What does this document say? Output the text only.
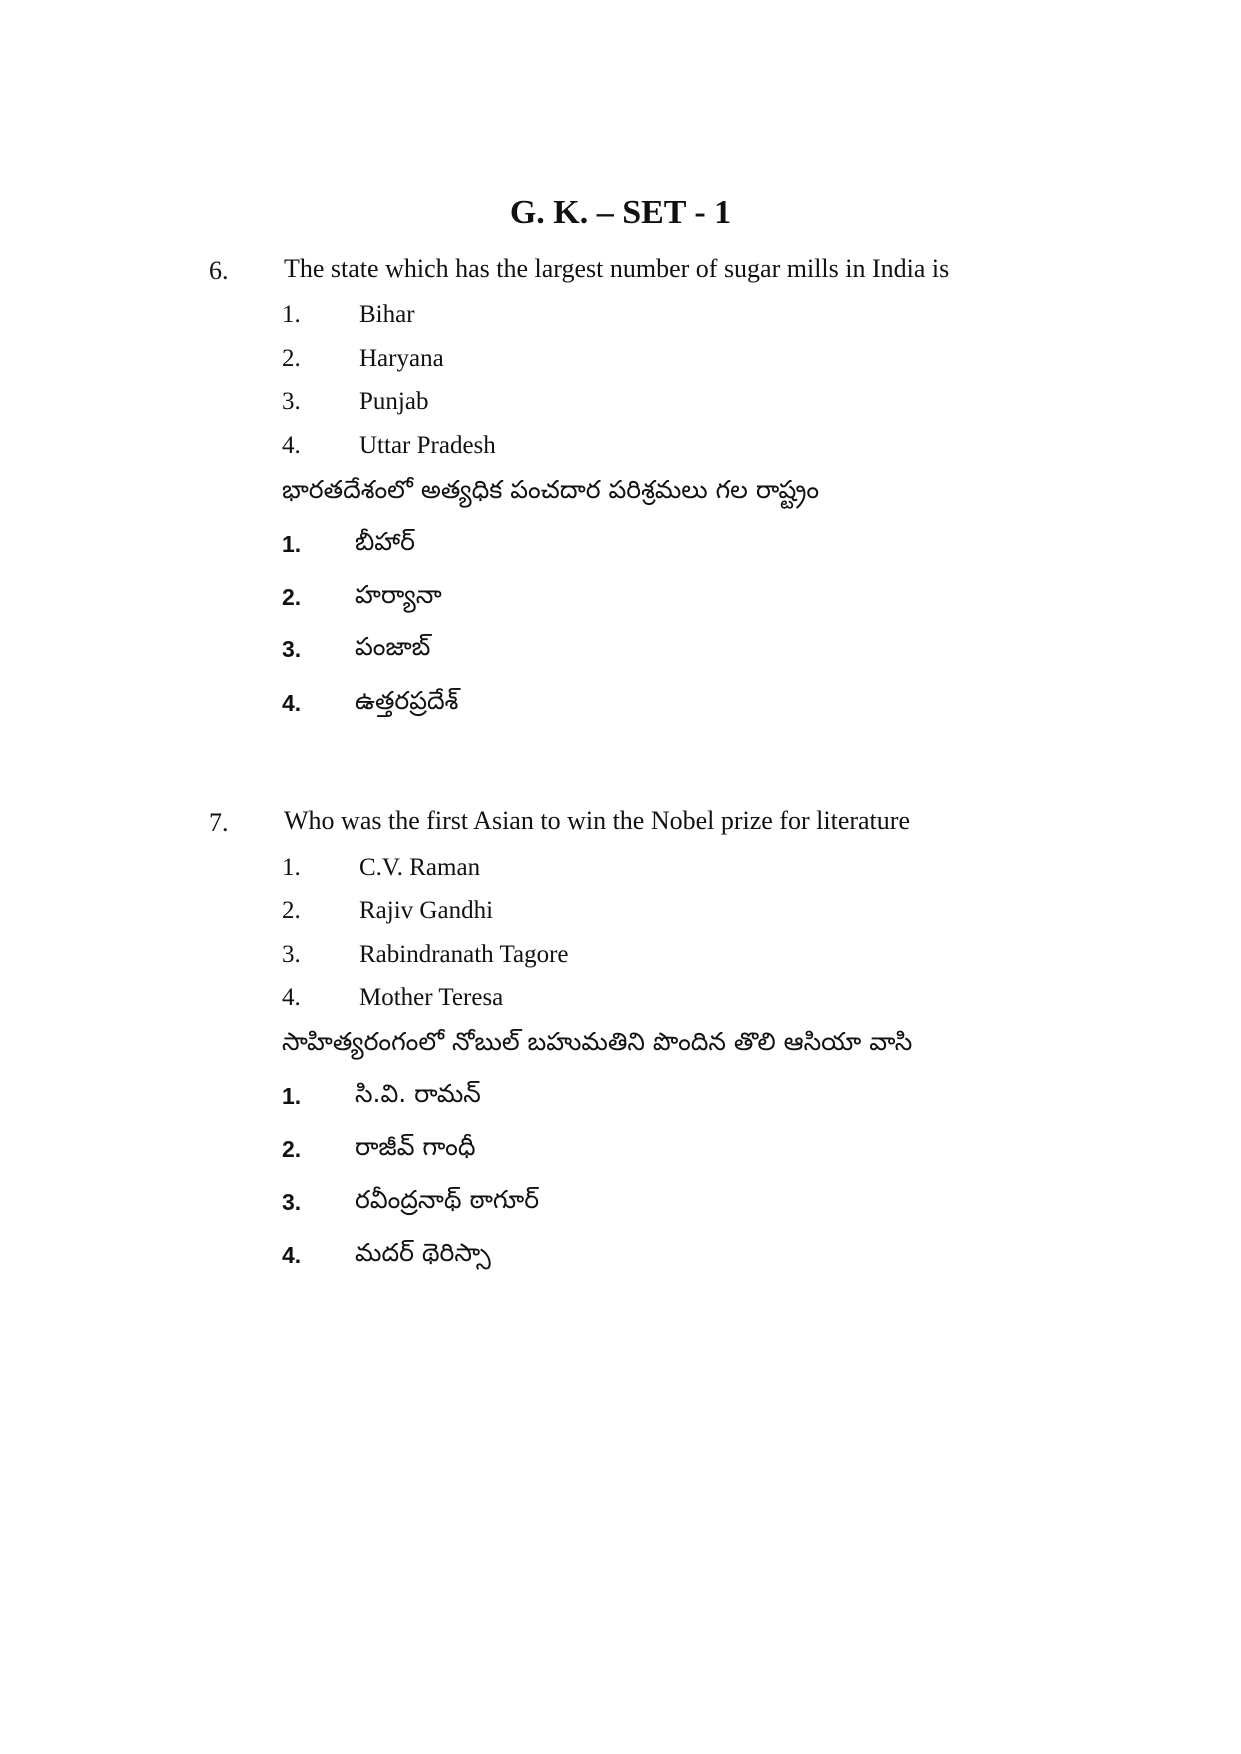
G. K. – SET - 1
6. The state which has the largest number of sugar mills in India is
1. Bihar
2. Haryana
3. Punjab
4. Uttar Pradesh
భారతదేశంలో అత్యధిక పంచదార పరిశ్రమలు గల రాష్ట్రం
1. బీహార్
2. హర్యానా
3. పంజాబ్
4. ఉత్తరప్రదేశ్
7. Who was the first Asian to win the Nobel prize for literature
1. C.V. Raman
2. Rajiv Gandhi
3. Rabindranath Tagore
4. Mother Teresa
సాహిత్యరంగంలో నోబుల్ బహుమతిని పొందిన తొలి ఆసియా వాసి
1. సి.వి. రామన్
2. రాజీవ్ గాంధీ
3. రవీంద్రనాథ్ ఠాగూర్
4. మదర్ థెరిస్సా
